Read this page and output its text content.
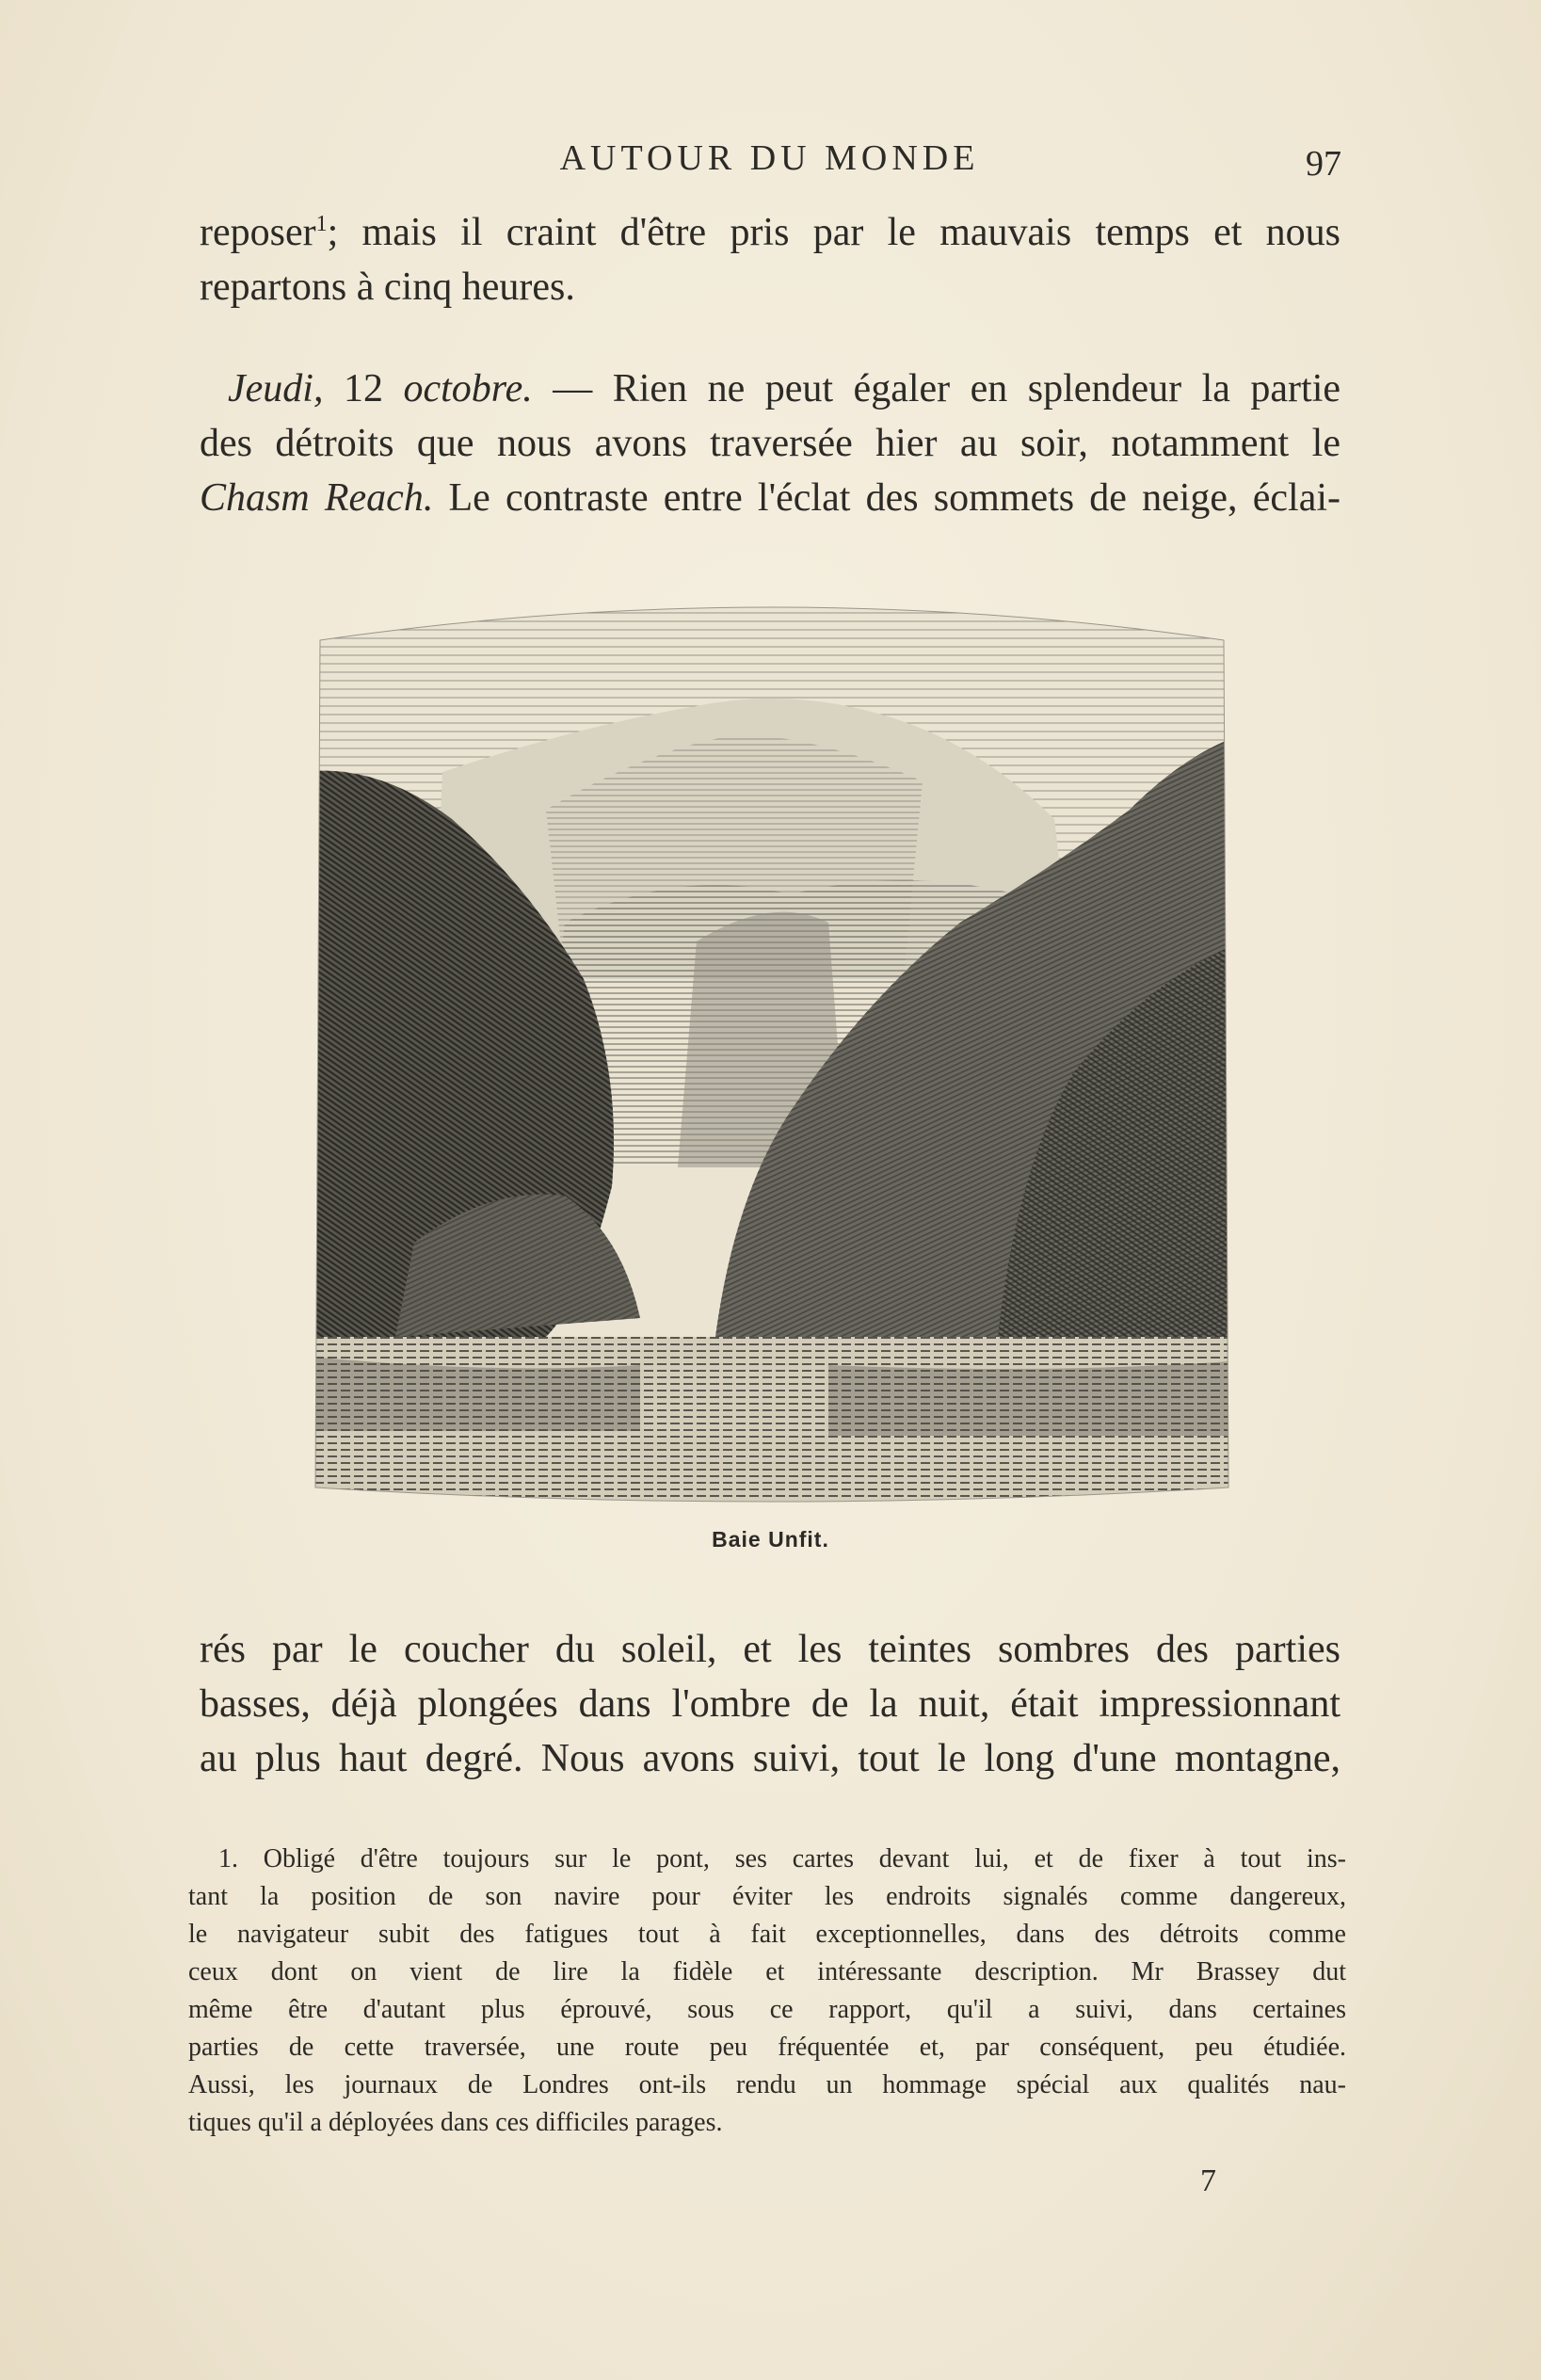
AUTOUR DU MONDE	97

reposer$^1$; mais il craint d'être pris par le mauvais temps et nous

repartons à cinq heures.

Jeudi, 12 octobre. — Rien ne peut égaler en splendeur la partie

des détroits que nous avons traversée hier au soir, notamment le

Chasm Reach. Le contraste entre l'éclat des sommets de neige, éclai-

Baie Unfit.

rés par le coucher du soleil, et les teintes sombres des parties

basses, déjà plongées dans l'ombre de la nuit, était impressionnant

au plus haut degré. Nous avons suivi, tout le long d'une montagne,

1. Obligé d'être toujours sur le pont, ses cartes devant lui, et de fixer à tout ins-

tant la position de son navire pour éviter les endroits signalés comme dangereux,

le navigateur subit des fatigues tout à fait exceptionnelles, dans des détroits comme

ceux dont on vient de lire la fidèle et intéressante description. Mr Brassey dut

même être d'autant plus éprouvé, sous ce rapport, qu'il a suivi, dans certaines

parties de cette traversée, une route peu fréquentée et, par conséquent, peu étudiée.

Aussi, les journaux de Londres ont-ils rendu un hommage spécial aux qualités nau-

tiques qu'il a déployées dans ces difficiles parages.

7
